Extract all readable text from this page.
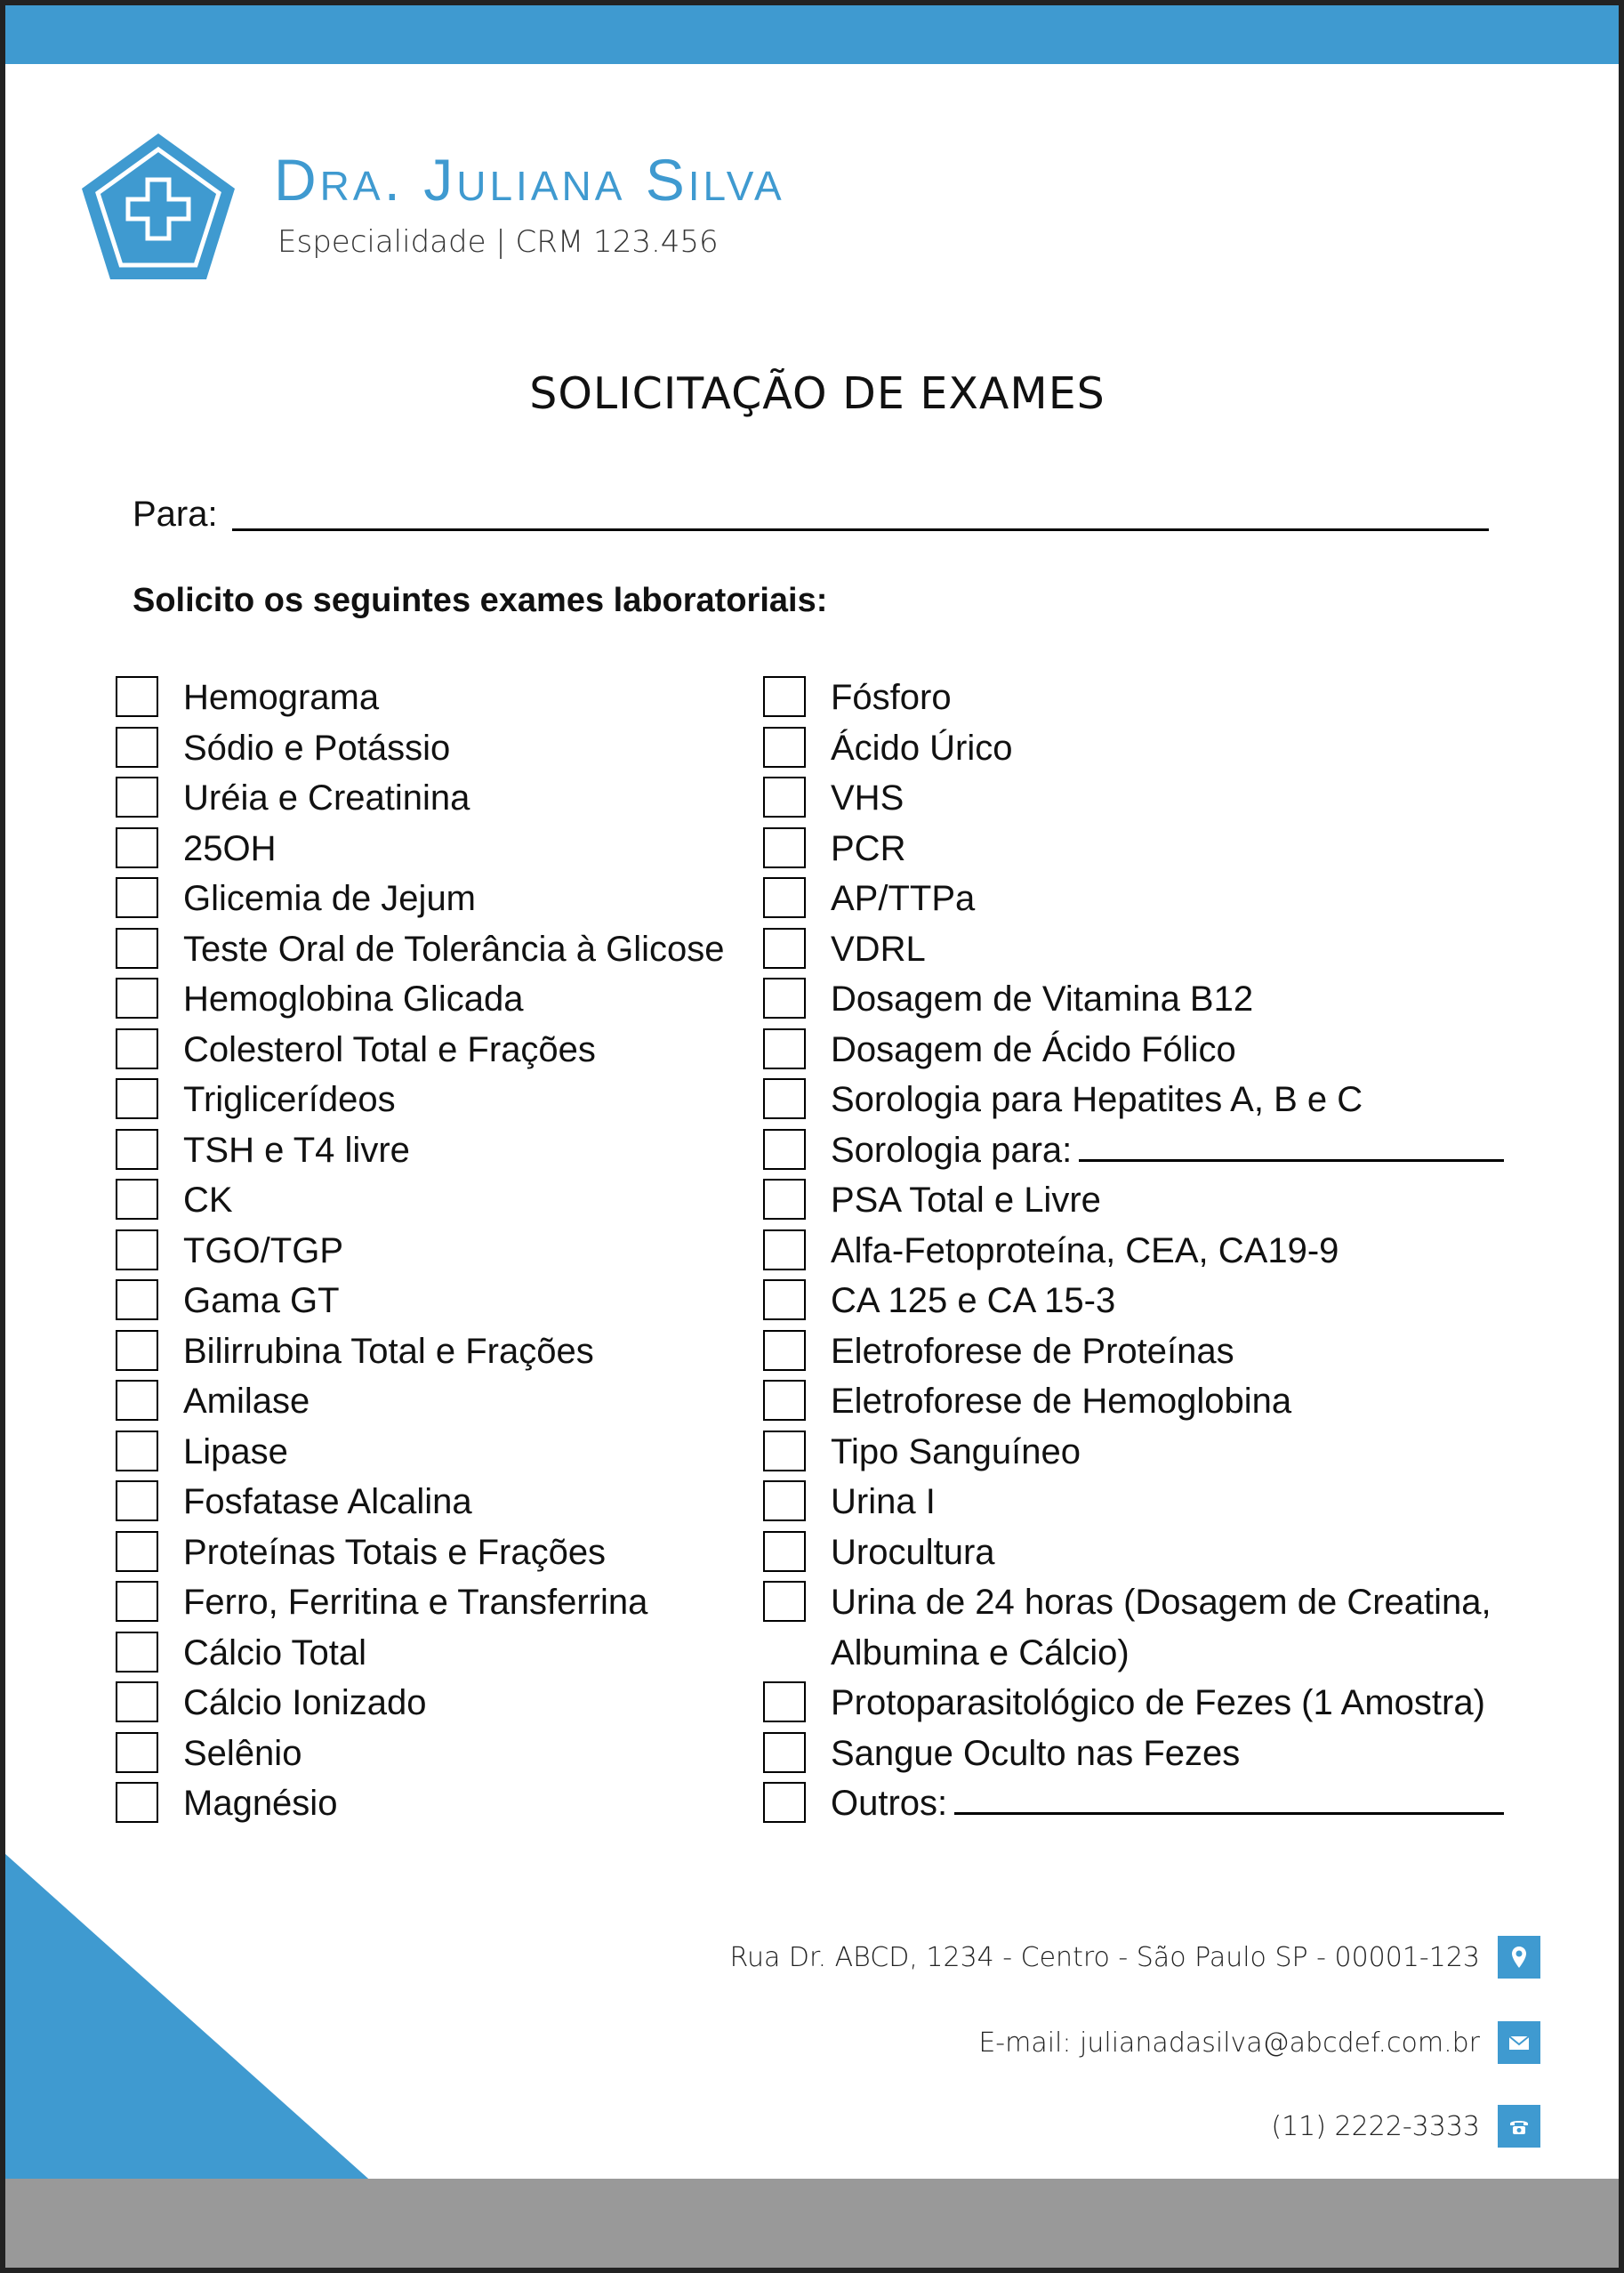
Dra. Juliana Silva
Especialidade | CRM 123.456
SOLICITAÇÃO DE EXAMES
Para:
Solicito os seguintes exames laboratoriais:
Hemograma
Sódio e Potássio
Uréia e Creatinina
25OH
Glicemia de Jejum
Teste Oral de Tolerância à Glicose
Hemoglobina Glicada
Colesterol Total e Frações
Triglicerídeos
TSH e T4 livre
CK
TGO/TGP
Gama GT
Bilirrubina Total e Frações
Amilase
Lipase
Fosfatase Alcalina
Proteínas Totais e Frações
Ferro, Ferritina e Transferrina
Cálcio Total
Cálcio Ionizado
Selênio
Magnésio
Fósforo
Ácido Úrico
VHS
PCR
AP/TTPa
VDRL
Dosagem de Vitamina B12
Dosagem de Ácido Fólico
Sorologia para Hepatites A, B e C
Sorologia para:
PSA Total e Livre
Alfa-Fetoproteína, CEA, CA19-9
CA 125 e CA 15-3
Eletroforese de Proteínas
Eletroforese de Hemoglobina
Tipo Sanguíneo
Urina I
Urocultura
Urina de 24 horas (Dosagem de Creatina, Albumina e Cálcio)
Protoparasitológico de Fezes (1 Amostra)
Sangue Oculto nas Fezes
Outros:
Rua Dr. ABCD, 1234 - Centro - São Paulo SP - 00001-123
E-mail: julianadasilva@abcdef.com.br
(11) 2222-3333
